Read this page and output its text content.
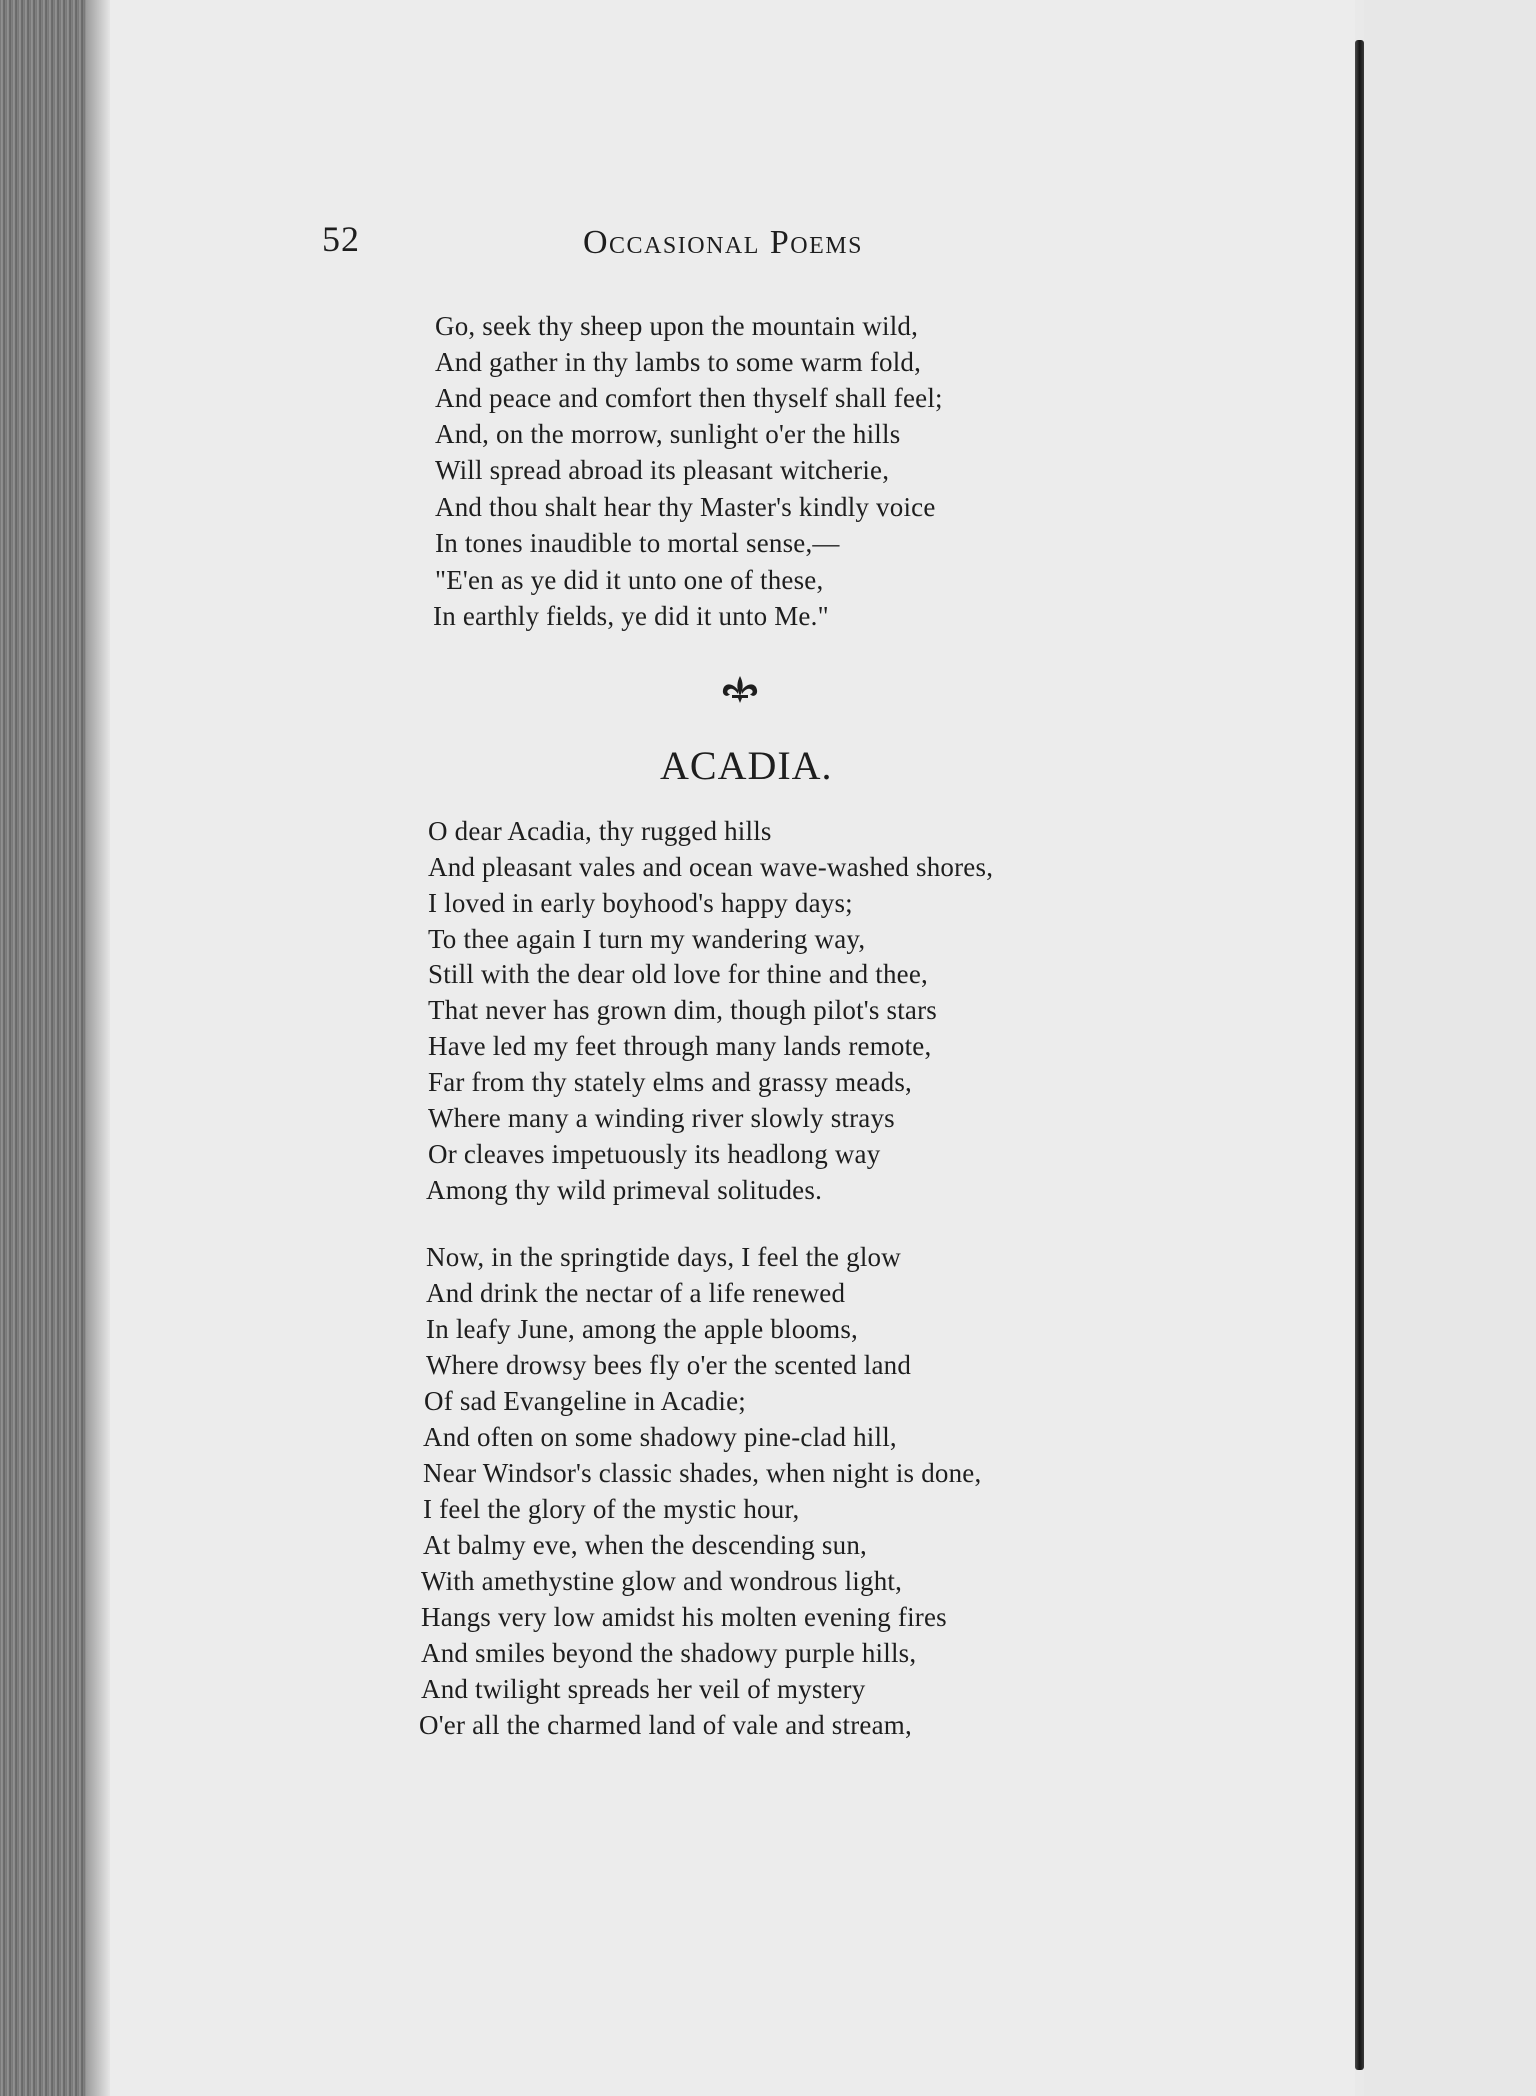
52	Occasional Poems
Go, seek thy sheep upon the mountain wild,
And gather in thy lambs to some warm fold,
And peace and comfort then thyself shall feel;
And, on the morrow, sunlight o'er the hills
Will spread abroad its pleasant witcherie,
And thou shalt hear thy Master's kindly voice
In tones inaudible to mortal sense,—
"E'en as ye did it unto one of these,
In earthly fields, ye did it unto Me."
ACADIA.
O dear Acadia, thy rugged hills
And pleasant vales and ocean wave-washed shores,
I loved in early boyhood's happy days;
To thee again I turn my wandering way,
Still with the dear old love for thine and thee,
That never has grown dim, though pilot's stars
Have led my feet through many lands remote,
Far from thy stately elms and grassy meads,
Where many a winding river slowly strays
Or cleaves impetuously its headlong way
Among thy wild primeval solitudes.
Now, in the springtide days, I feel the glow
And drink the nectar of a life renewed
In leafy June, among the apple blooms,
Where drowsy bees fly o'er the scented land
Of sad Evangeline in Acadie;
And often on some shadowy pine-clad hill,
Near Windsor's classic shades, when night is done,
I feel the glory of the mystic hour,
At balmy eve, when the descending sun,
With amethystine glow and wondrous light,
Hangs very low amidst his molten evening fires
And smiles beyond the shadowy purple hills,
And twilight spreads her veil of mystery
O'er all the charmed land of vale and stream,
